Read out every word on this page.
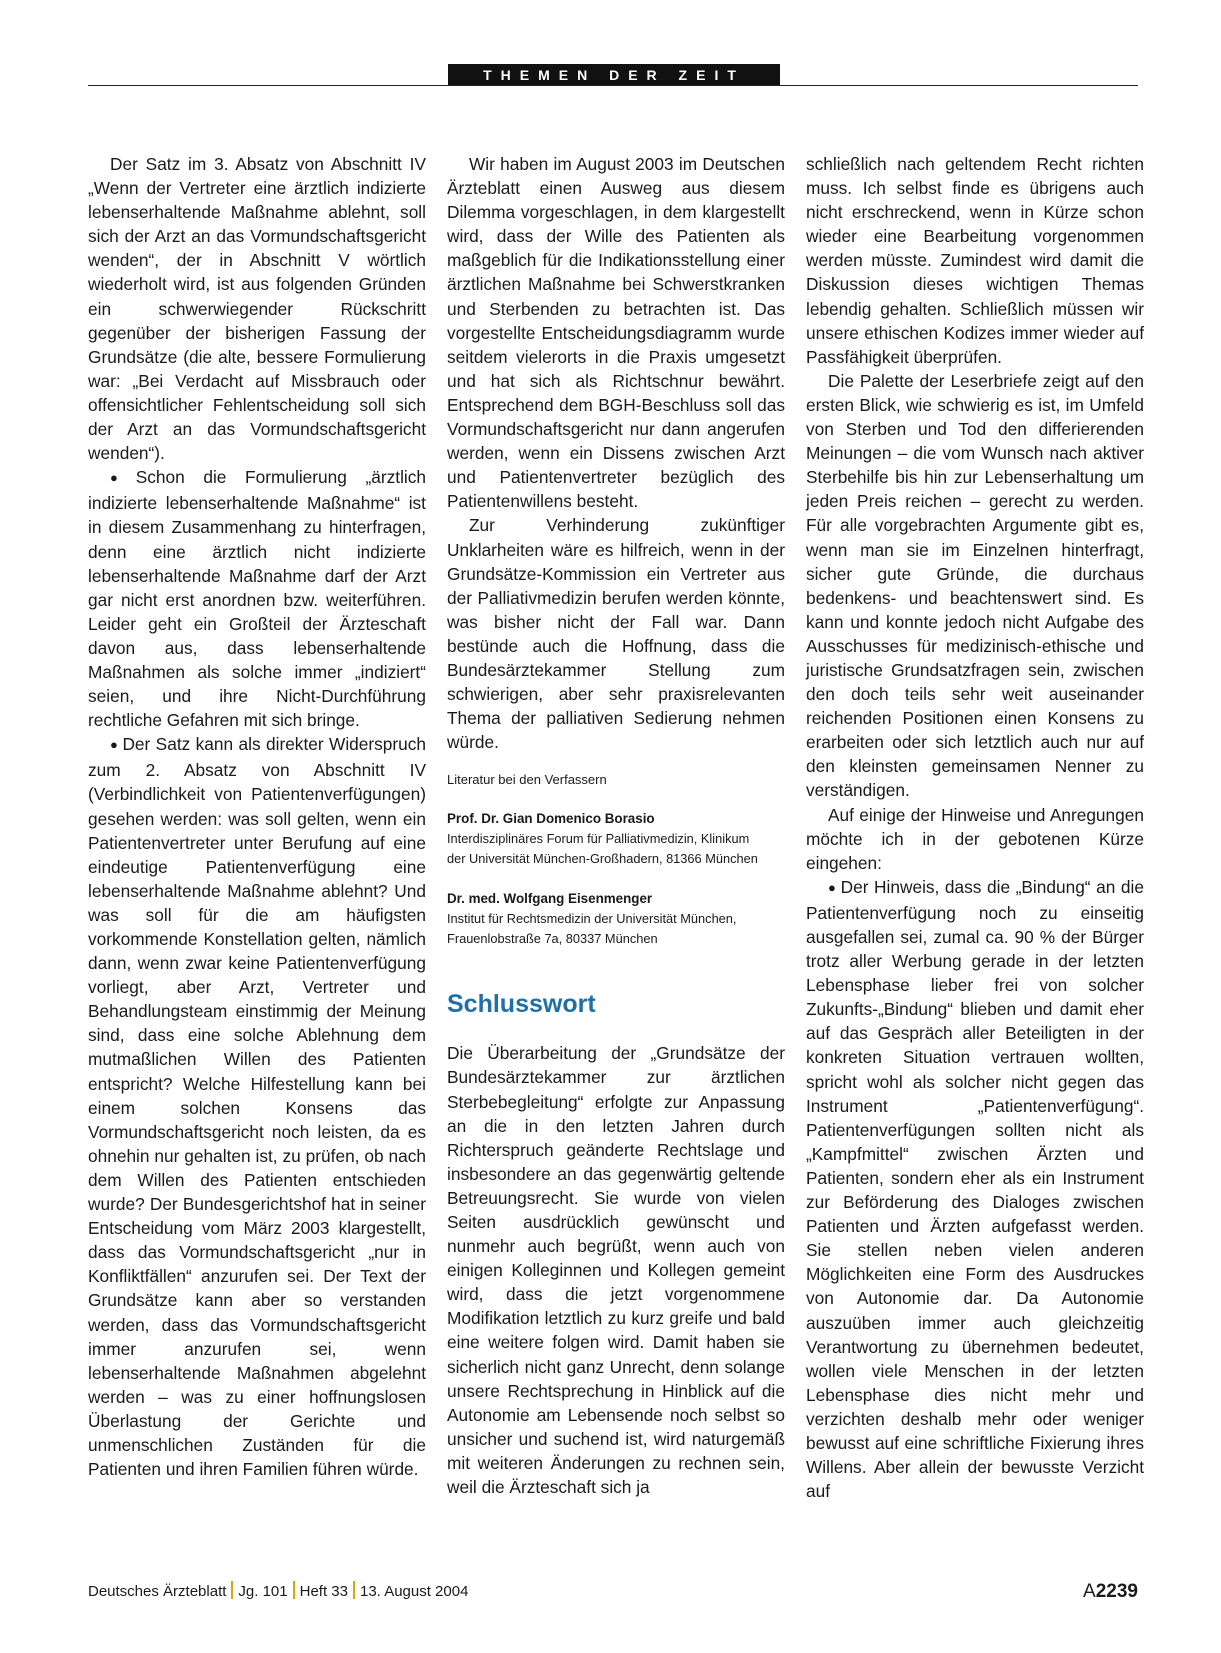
THEMEN DER ZEIT

Der Satz im 3. Absatz von Abschnitt IV „Wenn der Vertreter eine ärztlich indizierte lebenserhaltende Maßnahme ablehnt, soll sich der Arzt an das Vormundschaftsgericht wenden“, der in Abschnitt V wörtlich wiederholt wird, ist aus folgenden Gründen ein schwerwiegender Rückschritt gegenüber der bisherigen Fassung der Grundsätze (die alte, bessere Formulierung war: „Bei Verdacht auf Missbrauch oder offensichtlicher Fehlentscheidung soll sich der Arzt an das Vormundschaftsgericht wenden“).

● Schon die Formulierung „ärztlich indizierte lebenserhaltende Maßnahme“ ist in diesem Zusammenhang zu hinterfragen, denn eine ärztlich nicht indizierte lebenserhaltende Maßnahme darf der Arzt gar nicht erst anordnen bzw. weiterführen. Leider geht ein Großteil der Ärzteschaft davon aus, dass lebenserhaltende Maßnahmen als solche immer „indiziert“ seien, und ihre Nicht-Durchführung rechtliche Gefahren mit sich bringe.

● Der Satz kann als direkter Widerspruch zum 2. Absatz von Abschnitt IV (Verbindlichkeit von Patientenverfügungen) gesehen werden: was soll gelten, wenn ein Patientenvertreter unter Berufung auf eine eindeutige Patientenverfügung eine lebenserhaltende Maßnahme ablehnt? Und was soll für die am häufigsten vorkommende Konstellation gelten, nämlich dann, wenn zwar keine Patientenverfügung vorliegt, aber Arzt, Vertreter und Behandlungsteam einstimmig der Meinung sind, dass eine solche Ablehnung dem mutmaßlichen Willen des Patienten entspricht? Welche Hilfestellung kann bei einem solchen Konsens das Vormundschaftsgericht noch leisten, da es ohnehin nur gehalten ist, zu prüfen, ob nach dem Willen des Patienten entschieden wurde? Der Bundesgerichtshof hat in seiner Entscheidung vom März 2003 klargestellt, dass das Vormundschaftsgericht „nur in Konfliktfällen“ anzurufen sei. Der Text der Grundsätze kann aber so verstanden werden, dass das Vormundschaftsgericht immer anzurufen sei, wenn lebenserhaltende Maßnahmen abgelehnt werden – was zu einer hoffnungslosen Überlastung der Gerichte und unmenschlichen Zuständen für die Patienten und ihren Familien führen würde.

Wir haben im August 2003 im Deutschen Ärzteblatt einen Ausweg aus diesem Dilemma vorgeschlagen, in dem klargestellt wird, dass der Wille des Patienten als maßgeblich für die Indikationsstellung einer ärztlichen Maßnahme bei Schwerstkranken und Sterbenden zu betrachten ist. Das vorgestellte Entscheidungsdiagramm wurde seitdem vielerorts in die Praxis umgesetzt und hat sich als Richtschnur bewährt. Entsprechend dem BGH-Beschluss soll das Vormundschaftsgericht nur dann angerufen werden, wenn ein Dissens zwischen Arzt und Patientenvertreter bezüglich des Patientenwillens besteht.

Zur Verhinderung zukünftiger Unklarheiten wäre es hilfreich, wenn in der Grundsätze-Kommission ein Vertreter aus der Palliativmedizin berufen werden könnte, was bisher nicht der Fall war. Dann bestünde auch die Hoffnung, dass die Bundesärztekammer Stellung zum schwierigen, aber sehr praxisrelevanten Thema der palliativen Sedierung nehmen würde.

Literatur bei den Verfassern

Prof. Dr. Gian Domenico Borasio
Interdisziplinäres Forum für Palliativmedizin, Klinikum
der Universität München-Großhadern, 81366 München
Dr. med. Wolfgang Eisenmenger
Institut für Rechtsmedizin der Universität München,
Frauenlobstraße 7a, 80337 München
Schlusswort

Die Überarbeitung der „Grundsätze der Bundesärztekammer zur ärztlichen Sterbebegleitung“ erfolgte zur Anpassung an die in den letzten Jahren durch Richterspruch geänderte Rechtslage und insbesondere an das gegenwärtig geltende Betreuungsrecht. Sie wurde von vielen Seiten ausdrücklich gewünscht und nunmehr auch begrüßt, wenn auch von einigen Kolleginnen und Kollegen gemeint wird, dass die jetzt vorgenommene Modifikation letztlich zu kurz greife und bald eine weitere folgen wird. Damit haben sie sicherlich nicht ganz Unrecht, denn solange unsere Rechtsprechung in Hinblick auf die Autonomie am Lebensende noch selbst so unsicher und suchend ist, wird naturgemäß mit weiteren Änderungen zu rechnen sein, weil die Ärzteschaft sich ja

schließlich nach geltendem Recht richten muss. Ich selbst finde es übrigens auch nicht erschreckend, wenn in Kürze schon wieder eine Bearbeitung vorgenommen werden müsste. Zumindest wird damit die Diskussion dieses wichtigen Themas lebendig gehalten. Schließlich müssen wir unsere ethischen Kodizes immer wieder auf Passfähigkeit überprüfen.

Die Palette der Leserbriefe zeigt auf den ersten Blick, wie schwierig es ist, im Umfeld von Sterben und Tod den differierenden Meinungen – die vom Wunsch nach aktiver Sterbehilfe bis hin zur Lebenserhaltung um jeden Preis reichen – gerecht zu werden. Für alle vorgebrachten Argumente gibt es, wenn man sie im Einzelnen hinterfragt, sicher gute Gründe, die durchaus bedenkens- und beachtenswert sind. Es kann und konnte jedoch nicht Aufgabe des Ausschusses für medizinisch-ethische und juristische Grundsatzfragen sein, zwischen den doch teils sehr weit auseinander reichenden Positionen einen Konsens zu erarbeiten oder sich letztlich auch nur auf den kleinsten gemeinsamen Nenner zu verständigen.

Auf einige der Hinweise und Anregungen möchte ich in der gebotenen Kürze eingehen:

● Der Hinweis, dass die „Bindung“ an die Patientenverfügung noch zu einseitig ausgefallen sei, zumal ca. 90 % der Bürger trotz aller Werbung gerade in der letzten Lebensphase lieber frei von solcher Zukunfts-„Bindung“ blieben und damit eher auf das Gespräch aller Beteiligten in der konkreten Situation vertrauen wollten, spricht wohl als solcher nicht gegen das Instrument „Patientenverfügung“. Patientenverfügungen sollten nicht als „Kampfmittel“ zwischen Ärzten und Patienten, sondern eher als ein Instrument zur Beförderung des Dialoges zwischen Patienten und Ärzten aufgefasst werden. Sie stellen neben vielen anderen Möglichkeiten eine Form des Ausdruckes von Autonomie dar. Da Autonomie auszuüben immer auch gleichzeitig Verantwortung zu übernehmen bedeutet, wollen viele Menschen in der letzten Lebensphase dies nicht mehr und verzichten deshalb mehr oder weniger bewusst auf eine schriftliche Fixierung ihres Willens. Aber allein der bewusste Verzicht auf

Deutsches Ärzteblatt Jg. 101 Heft 33 13. August 2004	A2239
